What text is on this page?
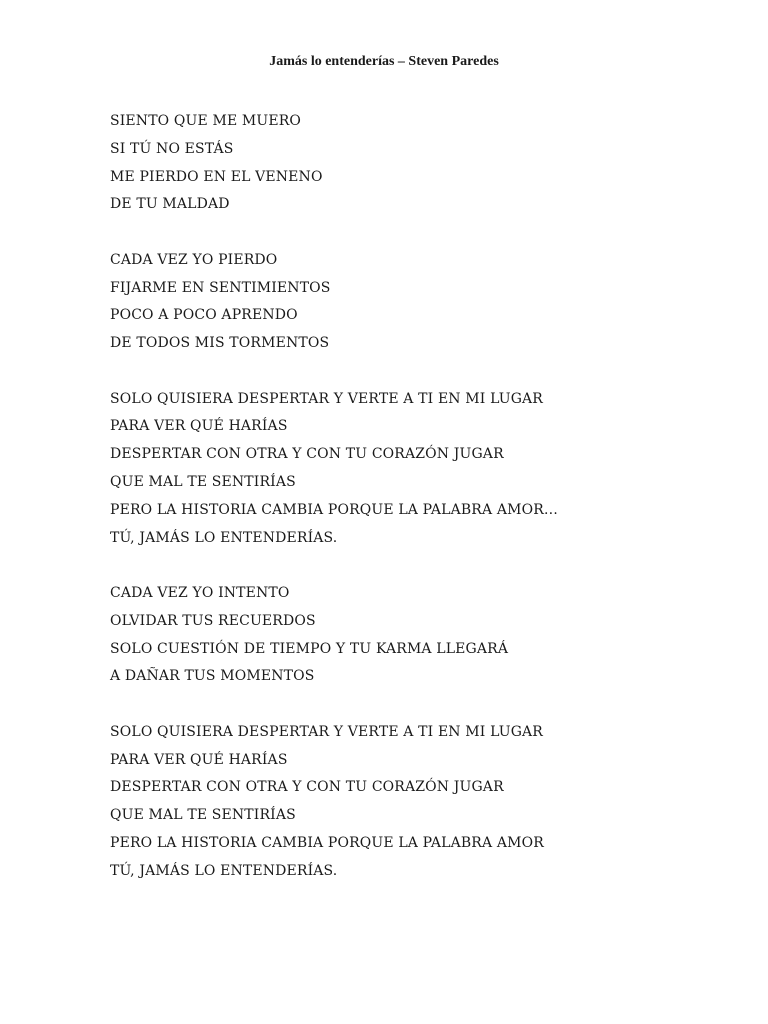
Jamás lo entenderías – Steven Paredes
SIENTO QUE ME MUERO
SI TÚ NO ESTÁS
ME PIERDO EN EL VENENO
DE TU MALDAD
CADA VEZ YO PIERDO
FIJARME EN SENTIMIENTOS
POCO A POCO APRENDO
DE TODOS MIS TORMENTOS
SOLO QUISIERA DESPERTAR Y VERTE A TI EN MI LUGAR
PARA VER QUÉ HARÍAS
DESPERTAR CON OTRA Y CON TU CORAZÓN JUGAR
QUE MAL TE SENTIRÍAS
PERO LA HISTORIA CAMBIA PORQUE LA PALABRA AMOR…
TÚ, JAMÁS LO ENTENDERÍAS.
CADA VEZ YO INTENTO
OLVIDAR TUS RECUERDOS
SOLO CUESTIÓN DE TIEMPO Y TU KARMA LLEGARÁ
A DAÑAR TUS MOMENTOS
SOLO QUISIERA DESPERTAR Y VERTE A TI EN MI LUGAR
PARA VER QUÉ HARÍAS
DESPERTAR CON OTRA Y CON TU CORAZÓN JUGAR
QUE MAL TE SENTIRÍAS
PERO LA HISTORIA CAMBIA PORQUE LA PALABRA AMOR
TÚ, JAMÁS LO ENTENDERÍAS.
